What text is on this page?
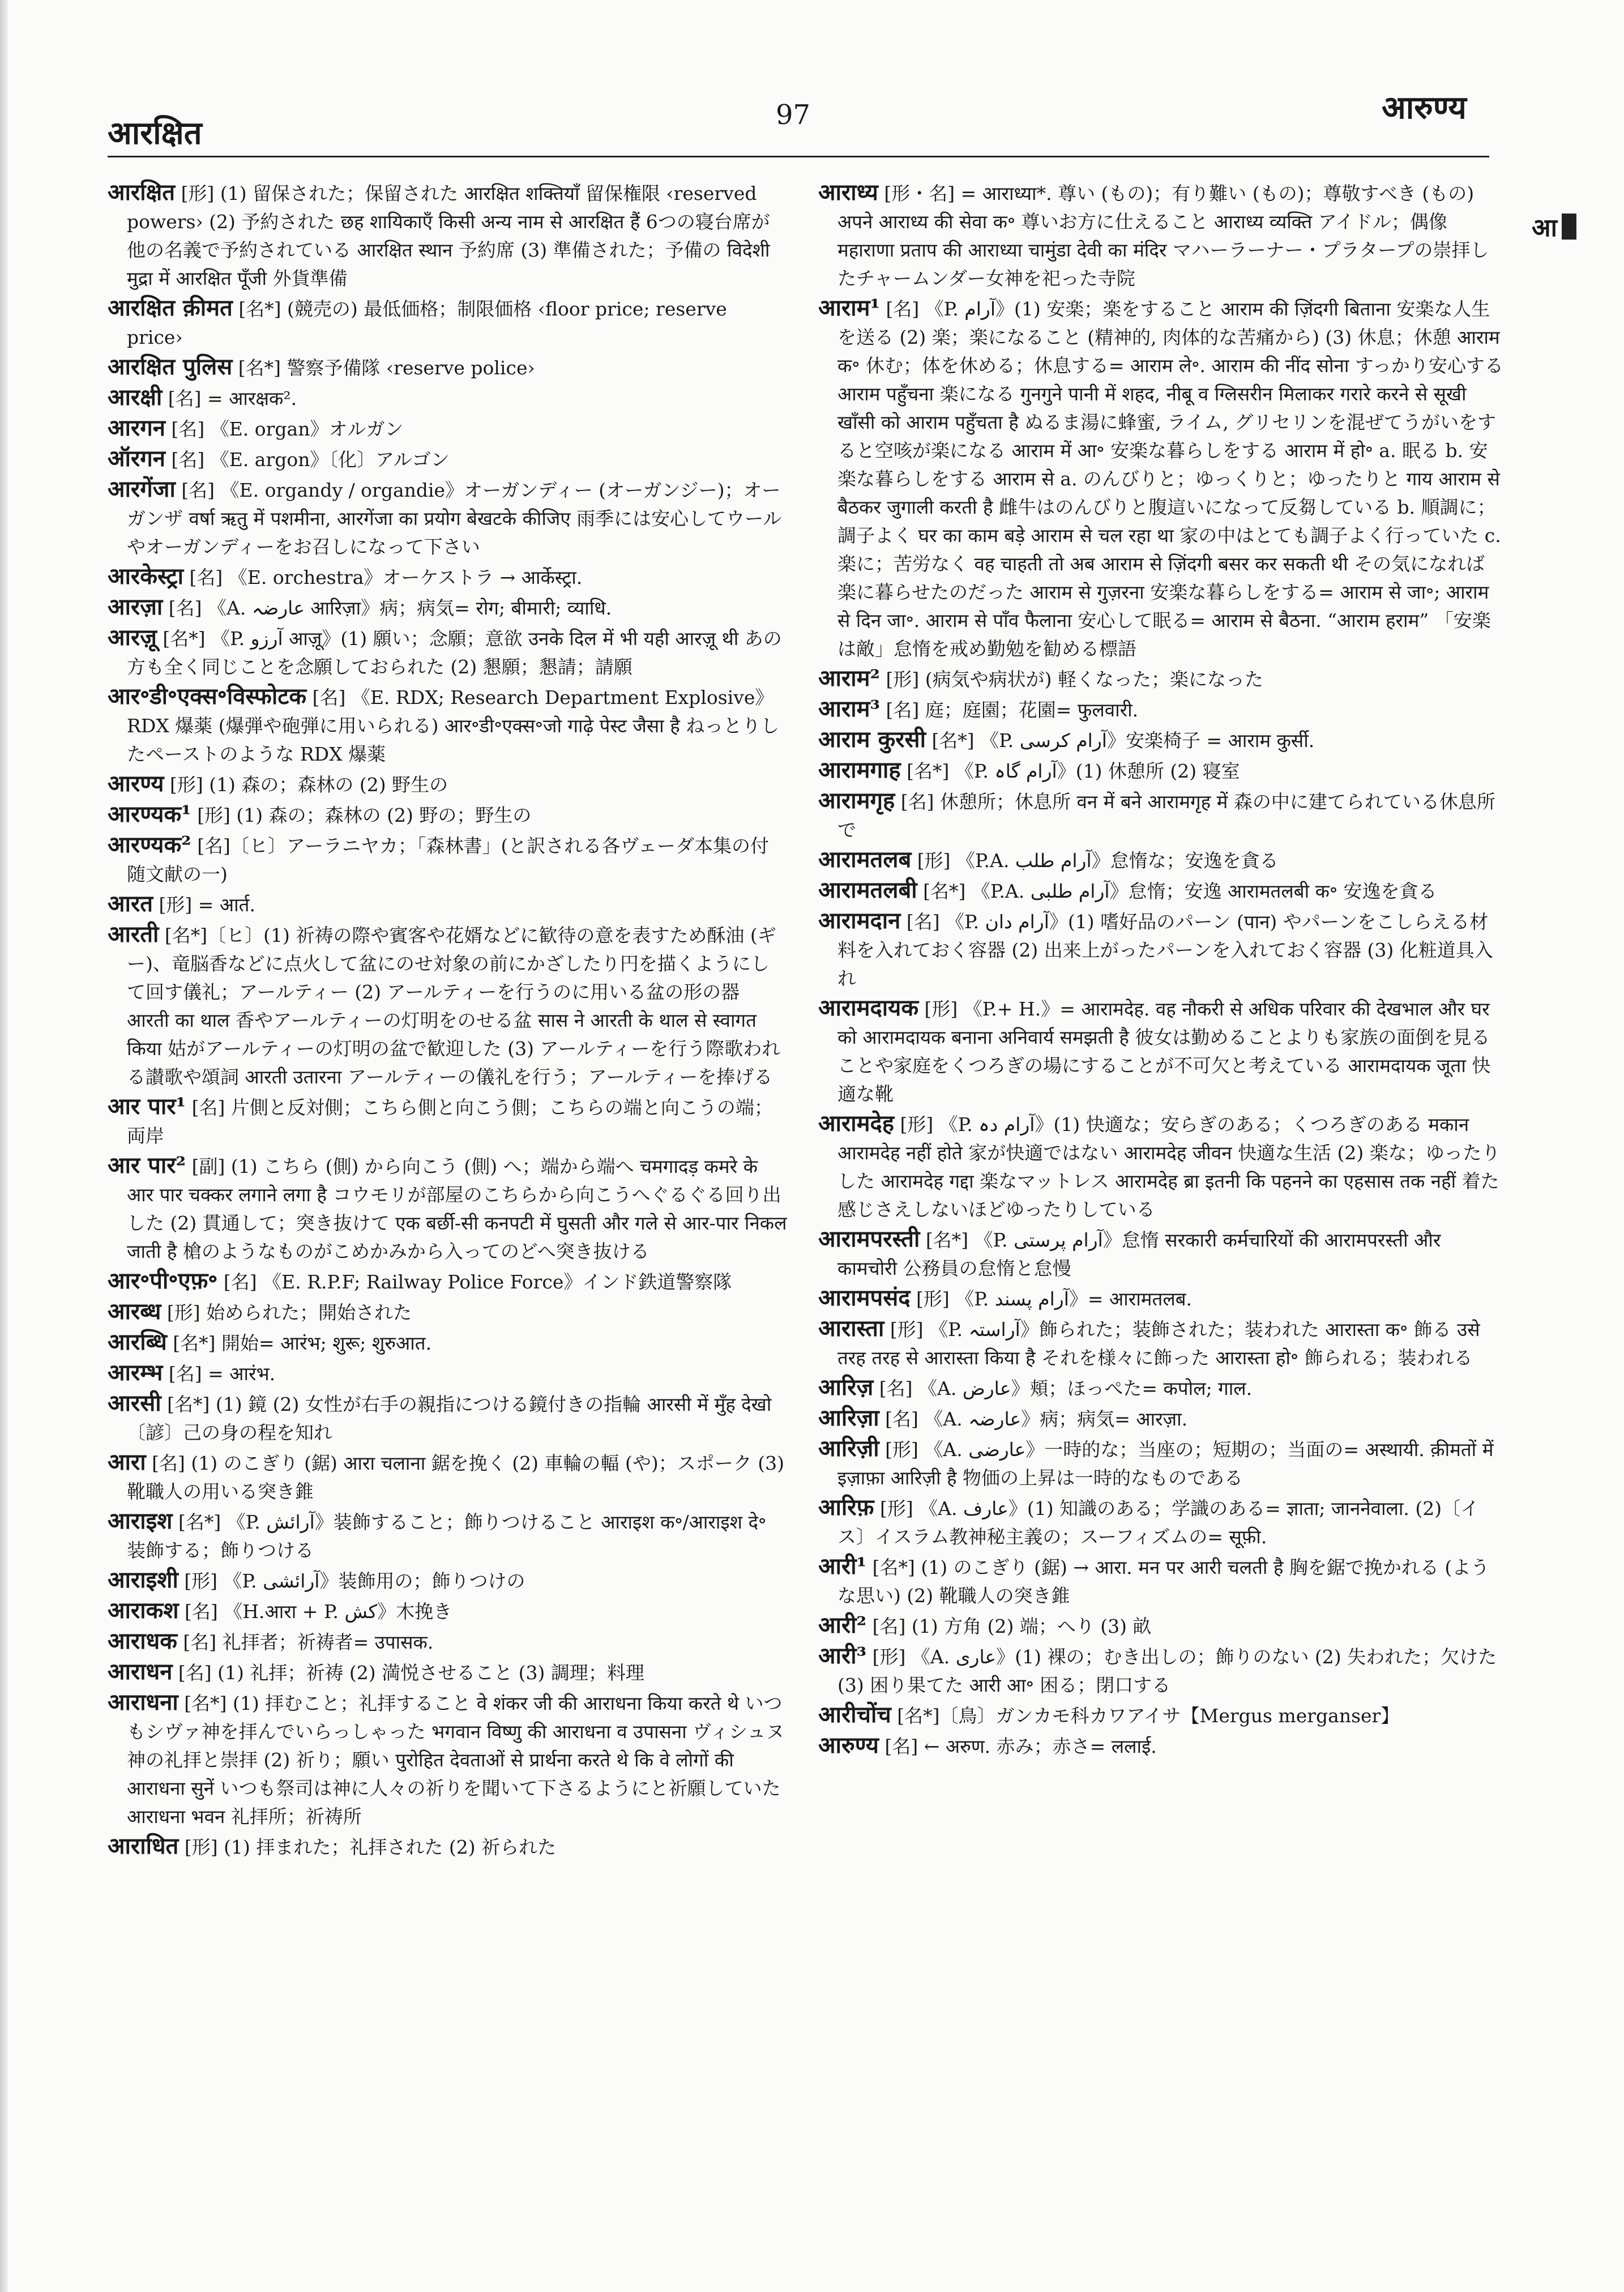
आरक्षित	97	आरुण्य
आ

आरक्षित [形] (1) 留保された；保留された आरक्षित शक्तियाँ 留保権限 ‹reserved powers› (2) 予約された छह शायिकाएँ किसी अन्य नाम से आरक्षित हैं 6つの寝台席が他の名義で予約されている आरक्षित स्थान 予約席 (3) 準備された；予備の विदेशी मुद्रा में आरक्षित पूँजी 外貨準備

आरक्षित क़ीमत [名*] (競売の) 最低価格；制限価格 ‹floor price; reserve price›

आरक्षित पुलिस [名*] 警察予備隊 ‹reserve police›

आरक्षी [名] = आरक्षक².

आरगन [名] 《E. organ》オルガン

ऑरगन [名] 《E. argon》〔化〕アルゴン

आरगेंजा [名] 《E. organdy / organdie》オーガンディー (オーガンジー)；オーガンザ वर्षा ऋतु में पशमीना, आरगेंजा का प्रयोग बेखटके कीजिए 雨季には安心してウールやオーガンディーをお召しになって下さい

आरकेस्ट्रा [名] 《E. orchestra》オーケストラ → आर्केस्ट्रा.

आरज़ा [名] 《A. عارضہ आरिज़ा》病；病気= रोग; बीमारी; व्याधि.

आरज़ू [名*] 《P. آرزو आज़ू》(1) 願い；念願；意欲 उनके दिल में भी यही आरज़ू थी あの方も全く同じことを念願しておられた (2) 懇願；懇請；請願

आर॰डी॰एक्स॰विस्फोटक [名] 《E. RDX; Research Department Explosive》RDX 爆薬 (爆弾や砲弾に用いられる) आर॰डी॰एक्स॰जो गाढ़े पेस्ट जैसा है ねっとりしたペーストのような RDX 爆薬

आरण्य [形] (1) 森の；森林の (2) 野生の

आरण्यक¹ [形] (1) 森の；森林の (2) 野の；野生の

आरण्यक² [名]〔ヒ〕アーラニヤカ；「森林書」(と訳される各ヴェーダ本集の付随文献の一)

आरत [形] = आर्त.

आरती [名*]〔ヒ〕(1) 祈祷の際や賓客や花婿などに歓待の意を表すため酥油 (ギー)、竜脳香などに点火して盆にのせ対象の前にかざしたり円を描くようにして回す儀礼；アールティー (2) アールティーを行うのに用いる盆の形の器 आरती का थाल 香やアールティーの灯明をのせる盆 सास ने आरती के थाल से स्वागत किया 姑がアールティーの灯明の盆で歓迎した (3) アールティーを行う際歌われる讃歌や頌詞 आरती उतारना アールティーの儀礼を行う；アールティーを捧げる

आर पार¹ [名] 片側と反対側；こちら側と向こう側；こちらの端と向こうの端；両岸

आर पार² [副] (1) こちら (側) から向こう (側) へ；端から端へ चमगादड़ कमरे के आर पार चक्कर लगाने लगा है コウモリが部屋のこちらから向こうへぐるぐる回り出した (2) 貫通して；突き抜けて एक बर्छी-सी कनपटी में घुसती और गले से आर-पार निकल जाती है 槍のようなものがこめかみから入ってのどへ突き抜ける

आर॰पी॰एफ़॰ [名] 《E. R.P.F; Railway Police Force》インド鉄道警察隊

आरब्ध [形] 始められた；開始された

आरब्धि [名*] 開始= आरंभ; शुरू; शुरुआत.

आरम्भ [名] = आरंभ.

आरसी [名*] (1) 鏡 (2) 女性が右手の親指につける鏡付きの指輪 आरसी में मुँह देखो〔諺〕己の身の程を知れ

आरा [名] (1) のこぎり (鋸) आरा चलाना 鋸を挽く (2) 車輪の輻 (や)；スポーク (3) 靴職人の用いる突き錐

आराइश [名*] 《P. آرائش》装飾すること；飾りつけること आराइश क॰/आराइश दे॰ 装飾する；飾りつける

आराइशी [形] 《P. آرائشی》装飾用の；飾りつけの

आराकश [名] 《H.आरा + P. کش》木挽き

आराधक [名] 礼拝者；祈祷者= उपासक.

आराधन [名] (1) 礼拝；祈祷 (2) 満悦させること (3) 調理；料理

आराधना [名*] (1) 拝むこと；礼拝すること वे शंकर जी की आराधना किया करते थे いつもシヴァ神を拝んでいらっしゃった भगवान विष्णु की आराधना व उपासना ヴィシュヌ神の礼拝と崇拝 (2) 祈り；願い पुरोहित देवताओं से प्रार्थना करते थे कि वे लोगों की आराधना सुनें いつも祭司は神に人々の祈りを聞いて下さるようにと祈願していた आराधना भवन 礼拝所；祈祷所

आराधित [形] (1) 拝まれた；礼拝された (2) 祈られた

आराध्य [形・名] = आराध्या*. 尊い (もの)；有り難い (もの)；尊敬すべき (もの) अपने आराध्य की सेवा क॰ 尊いお方に仕えること आराध्य व्यक्ति アイドル；偶像 महाराणा प्रताप की आराध्या चामुंडा देवी का मंदिर マハーラーナー・プラタープの崇拝したチャームンダー女神を祀った寺院

आराम¹ [名] 《P. آرام》(1) 安楽；楽をすること आराम की ज़िंदगी बिताना 安楽な人生を送る (2) 楽；楽になること (精神的, 肉体的な苦痛から) (3) 休息；休憩 आराम क॰ 休む；体を休める；休息する= आराम ले॰. आराम की नींद सोना すっかり安心する आराम पहुँचना 楽になる गुनगुने पानी में शहद, नीबू व ग्लिसरीन मिलाकर गरारे करने से सूखी खाँसी को आराम पहुँचता है ぬるま湯に蜂蜜, ライム, グリセリンを混ぜてうがいをすると空咳が楽になる आराम में आ॰ 安楽な暮らしをする आराम में हो॰ a. 眠る b. 安楽な暮らしをする आराम से a. のんびりと；ゆっくりと；ゆったりと गाय आराम से बैठकर जुगाली करती है 雌牛はのんびりと腹這いになって反芻している b. 順調に；調子よく घर का काम बड़े आराम से चल रहा था 家の中はとても調子よく行っていた c. 楽に；苦労なく वह चाहती तो अब आराम से ज़िंदगी बसर कर सकती थी その気になれば楽に暮らせたのだった आराम से गुज़रना 安楽な暮らしをする= आराम से जा॰; आराम से दिन जा॰. आराम से पाँव फैलाना 安心して眠る= आराम से बैठना. “आराम हराम” 「安楽は敵」怠惰を戒め勤勉を勧める標語

आराम² [形] (病気や病状が) 軽くなった；楽になった

आराम³ [名] 庭；庭園；花園= फुलवारी.

आराम कुरसी [名*] 《P. آرام کرسی》安楽椅子 = आराम कुर्सी.

आरामगाह [名*] 《P. آرام گاہ》(1) 休憩所 (2) 寝室

आरामगृह [名] 休憩所；休息所 वन में बने आरामगृह में 森の中に建てられている休息所で

आरामतलब [形] 《P.A. آرام طلب》怠惰な；安逸を貪る

आरामतलबी [名*] 《P.A. آرام طلبی》怠惰；安逸 आरामतलबी क॰ 安逸を貪る

आरामदान [名] 《P. آرام دان》(1) 嗜好品のパーン (पान) やパーンをこしらえる材料を入れておく容器 (2) 出来上がったパーンを入れておく容器 (3) 化粧道具入れ

आरामदायक [形] 《P.+ H.》= आरामदेह. वह नौकरी से अधिक परिवार की देखभाल और घर को आरामदायक बनाना अनिवार्य समझती है 彼女は勤めることよりも家族の面倒を見ることや家庭をくつろぎの場にすることが不可欠と考えている आरामदायक जूता 快適な靴

आरामदेह [形] 《P. آرام دہ》(1) 快適な；安らぎのある；くつろぎのある मकान आरामदेह नहीं होते 家が快適ではない आरामदेह जीवन 快適な生活 (2) 楽な；ゆったりした आरामदेह गद्दा 楽なマットレス आरामदेह ब्रा इतनी कि पहनने का एहसास तक नहीं 着た感じさえしないほどゆったりしている

आरामपरस्ती [名*] 《P. آرام پرستی》怠惰 सरकारी कर्मचारियों की आरामपरस्ती और कामचोरी 公務員の怠惰と怠慢

आरामपसंद [形] 《P. آرام پسند》= आरामतलब.

आरास्ता [形] 《P. آراستہ》飾られた；装飾された；装われた आरास्ता क॰ 飾る उसे तरह तरह से आरास्ता किया है それを様々に飾った आरास्ता हो॰ 飾られる；装われる

आरिज़ [名] 《A. عارض》頬；ほっぺた= कपोल; गाल.

आरिज़ा [名] 《A. عارضہ》病；病気= आरज़ा.

आरिज़ी [形] 《A. عارضی》一時的な；当座の；短期の；当面の= अस्थायी. क़ीमतों में इज़ाफ़ा आरिज़ी है 物価の上昇は一時的なものである

आरिफ़ [形] 《A. عارف》(1) 知識のある；学識のある= ज्ञाता; जाननेवाला. (2)〔イス〕イスラム教神秘主義の；スーフィズムの= सूफ़ी.

आरी¹ [名*] (1) のこぎり (鋸) → आरा. मन पर आरी चलती है 胸を鋸で挽かれる (ような思い) (2) 靴職人の突き錐

आरी² [名] (1) 方角 (2) 端；へり (3) 畝

आरी³ [形] 《A. عاری》(1) 裸の；むき出しの；飾りのない (2) 失われた；欠けた (3) 困り果てた आरी आ॰ 困る；閉口する

आरीचोंच [名*]〔鳥〕ガンカモ科カワアイサ【Mergus merganser】

आरुण्य [名] ← अरुण. 赤み；赤さ= ललाई.
